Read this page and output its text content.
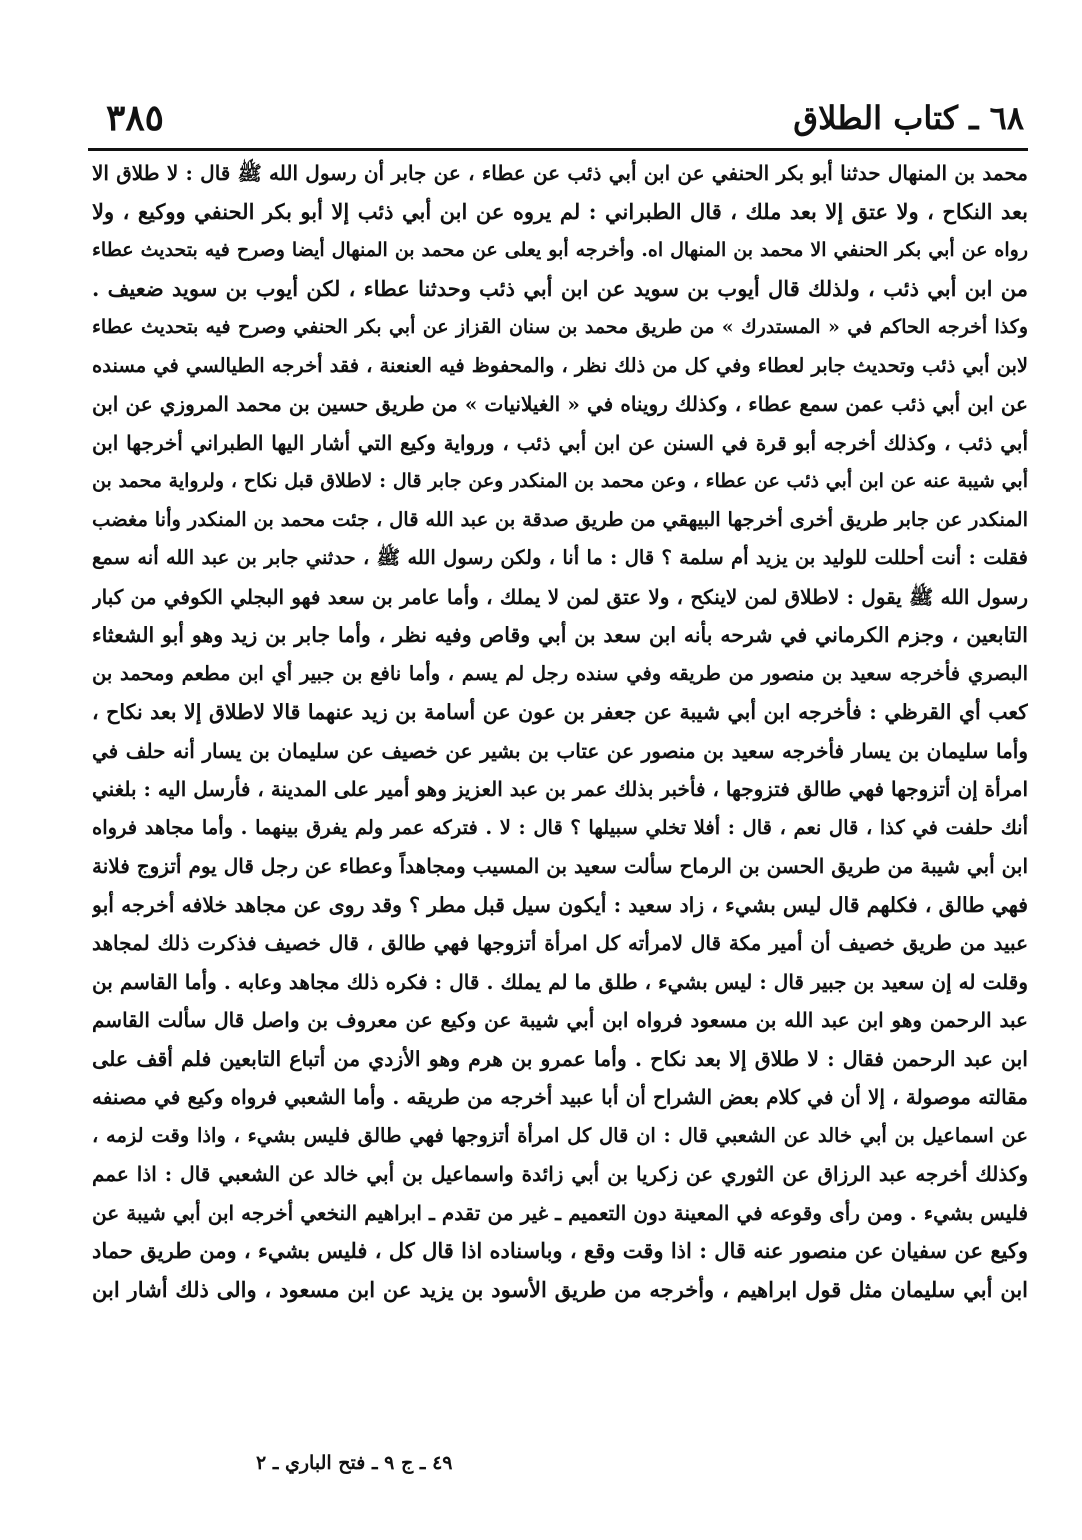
٦٨ ـ كتاب الطلاق
٣٨٥
محمد بن المنهال حدثنا أبو بكر الحنفي عن ابن أبي ذئب عن عطاء ، عن جابر أن رسول الله ﷺ قال : لا طلاق الا
بعد النكاح ، ولا عتق إلا بعد ملك ، قال الطبراني : لم يروه عن ابن أبي ذئب إلا أبو بكر الحنفي ووكيع ، ولا
رواه عن أبي بكر الحنفي الا محمد بن المنهال اه. وأخرجه أبو يعلى عن محمد بن المنهال أيضا وصرح فيه بتحديث عطاء
من ابن أبي ذئب ، ولذلك قال أيوب بن سويد عن ابن أبي ذئب وحدثنا عطاء ، لكن أيوب بن سويد ضعيف .
وكذا أخرجه الحاكم في « المستدرك » من طريق محمد بن سنان القزاز عن أبي بكر الحنفي وصرح فيه بتحديث عطاء
لابن أبي ذئب وتحديث جابر لعطاء وفي كل من ذلك نظر ، والمحفوظ فيه العنعنة ، فقد أخرجه الطيالسي في مسنده
عن ابن أبي ذئب عمن سمع عطاء ، وكذلك رويناه في « الغيلانيات » من طريق حسين بن محمد المروزي عن ابن
أبي ذئب ، وكذلك أخرجه أبو قرة في السنن عن ابن أبي ذئب ، ورواية وكيع التي أشار اليها الطبراني أخرجها ابن
أبي شيبة عنه عن ابن أبي ذئب عن عطاء ، وعن محمد بن المنكدر وعن جابر قال : لاطلاق قبل نكاح ، ولرواية محمد بن
المنكدر عن جابر طريق أخرى أخرجها البيهقي من طريق صدقة بن عبد الله قال ، جئت محمد بن المنكدر وأنا مغضب
فقلت : أنت أحللت للوليد بن يزيد أم سلمة ؟ قال : ما أنا ، ولكن رسول الله ﷺ ، حدثني جابر بن عبد الله أنه سمع
رسول الله ﷺ يقول : لاطلاق لمن لاينكح ، ولا عتق لمن لا يملك ، وأما عامر بن سعد فهو البجلي الكوفي من كبار
التابعين ، وجزم الكرماني في شرحه بأنه ابن سعد بن أبي وقاص وفيه نظر ، وأما جابر بن زيد وهو أبو الشعثاء
البصري فأخرجه سعيد بن منصور من طريقه وفي سنده رجل لم يسم ، وأما نافع بن جبير أي ابن مطعم ومحمد بن
كعب أي القرظي : فأخرجه ابن أبي شيبة عن جعفر بن عون عن أسامة بن زيد عنهما قالا لاطلاق إلا بعد نكاح ،
وأما سليمان بن يسار فأخرجه سعيد بن منصور عن عتاب بن بشير عن خصيف عن سليمان بن يسار أنه حلف في
امرأة إن أتزوجها فهي طالق فتزوجها ، فأخبر بذلك عمر بن عبد العزيز وهو أمير على المدينة ، فأرسل اليه : بلغني
أنك حلفت في كذا ، قال نعم ، قال : أفلا تخلي سبيلها ؟ قال : لا . فتركه عمر ولم يفرق بينهما . وأما مجاهد فرواه
ابن أبي شيبة من طريق الحسن بن الرماح سألت سعيد بن المسيب ومجاهداً وعطاء عن رجل قال يوم أتزوج فلانة
فهي طالق ، فكلهم قال ليس بشيء ، زاد سعيد : أيكون سيل قبل مطر ؟ وقد روى عن مجاهد خلافه أخرجه أبو
عبيد من طريق خصيف أن أمير مكة قال لامرأته كل امرأة أتزوجها فهي طالق ، قال خصيف فذكرت ذلك لمجاهد
وقلت له إن سعيد بن جبير قال : ليس بشيء ، طلق ما لم يملك . قال : فكره ذلك مجاهد وعابه . وأما القاسم بن
عبد الرحمن وهو ابن عبد الله بن مسعود فرواه ابن أبي شيبة عن وكيع عن معروف بن واصل قال سألت القاسم
ابن عبد الرحمن فقال : لا طلاق إلا بعد نكاح . وأما عمرو بن هرم وهو الأزدي من أتباع التابعين فلم أقف على
مقالته موصولة ، إلا أن في كلام بعض الشراح أن أبا عبيد أخرجه من طريقه . وأما الشعبي فرواه وكيع في مصنفه
عن اسماعيل بن أبي خالد عن الشعبي قال : ان قال كل امرأة أتزوجها فهي طالق فليس بشيء ، واذا وقت لزمه ،
وكذلك أخرجه عبد الرزاق عن الثوري عن زكريا بن أبي زائدة واسماعيل بن أبي خالد عن الشعبي قال : اذا عمم
فليس بشيء . ومن رأى وقوعه في المعينة دون التعميم ـ غير من تقدم ـ ابراهيم النخعي أخرجه ابن أبي شيبة عن
وكيع عن سفيان عن منصور عنه قال : اذا وقت وقع ، وباسناده اذا قال كل ، فليس بشيء ، ومن طريق حماد
ابن أبي سليمان مثل قول ابراهيم ، وأخرجه من طريق الأسود بن يزيد عن ابن مسعود ، والى ذلك أشار ابن
٤٩ ـ ج ٩ ـ فتح الباري ـ ٢
